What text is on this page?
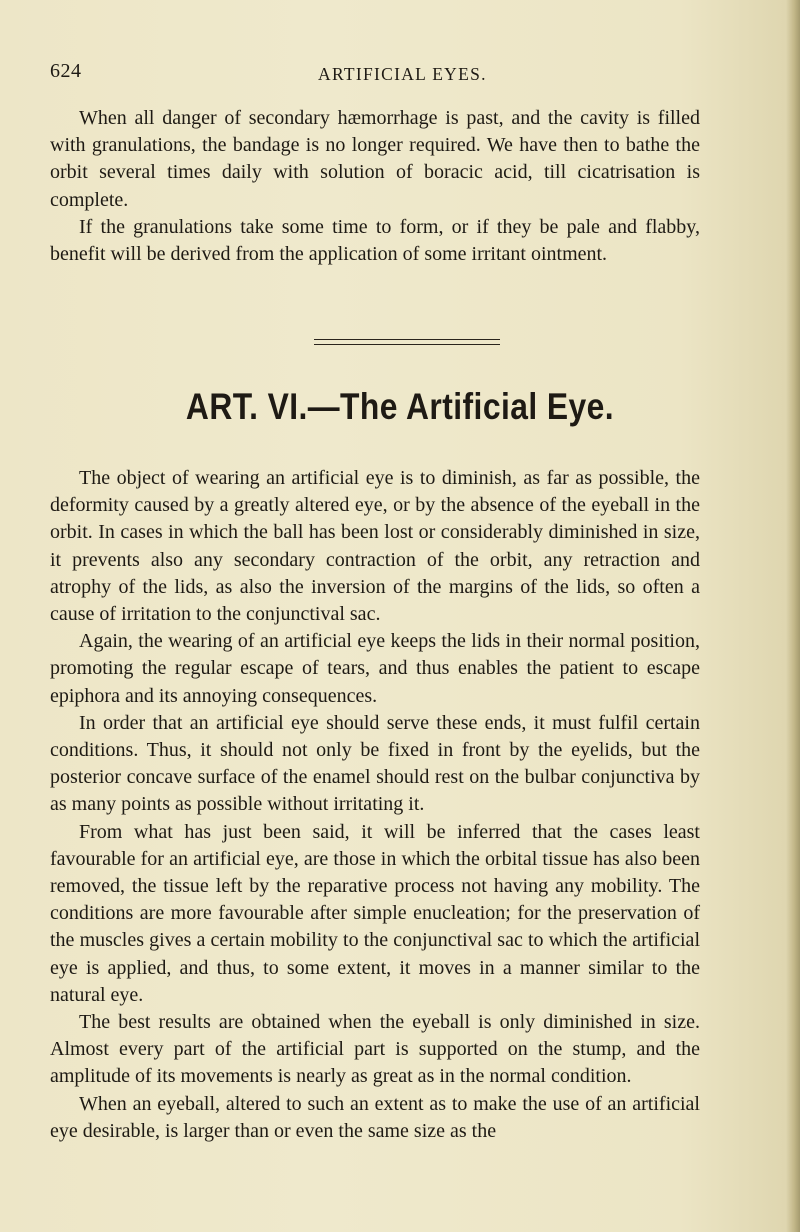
624	ARTIFICIAL EYES.

When all danger of secondary hæmorrhage is past, and the cavity is filled with granulations, the bandage is no longer required. We have then to bathe the orbit several times daily with solution of boracic acid, till cicatrisation is complete.

If the granulations take some time to form, or if they be pale and flabby, benefit will be derived from the application of some irritant ointment.

ART. VI.—The Artificial Eye.

The object of wearing an artificial eye is to diminish, as far as possible, the deformity caused by a greatly altered eye, or by the absence of the eyeball in the orbit. In cases in which the ball has been lost or considerably diminished in size, it prevents also any secondary contraction of the orbit, any retraction and atrophy of the lids, as also the inversion of the margins of the lids, so often a cause of irritation to the conjunctival sac.

Again, the wearing of an artificial eye keeps the lids in their normal position, promoting the regular escape of tears, and thus enables the patient to escape epiphora and its annoying consequences.

In order that an artificial eye should serve these ends, it must fulfil certain conditions. Thus, it should not only be fixed in front by the eyelids, but the posterior concave surface of the enamel should rest on the bulbar conjunctiva by as many points as possible without irritating it.

From what has just been said, it will be inferred that the cases least favourable for an artificial eye, are those in which the orbital tissue has also been removed, the tissue left by the reparative process not having any mobility. The conditions are more favourable after simple enucleation; for the preservation of the muscles gives a certain mobility to the conjunctival sac to which the artificial eye is applied, and thus, to some extent, it moves in a manner similar to the natural eye.

The best results are obtained when the eyeball is only diminished in size. Almost every part of the artificial part is supported on the stump, and the amplitude of its movements is nearly as great as in the normal condition.

When an eyeball, altered to such an extent as to make the use of an artificial eye desirable, is larger than or even the same size as the
